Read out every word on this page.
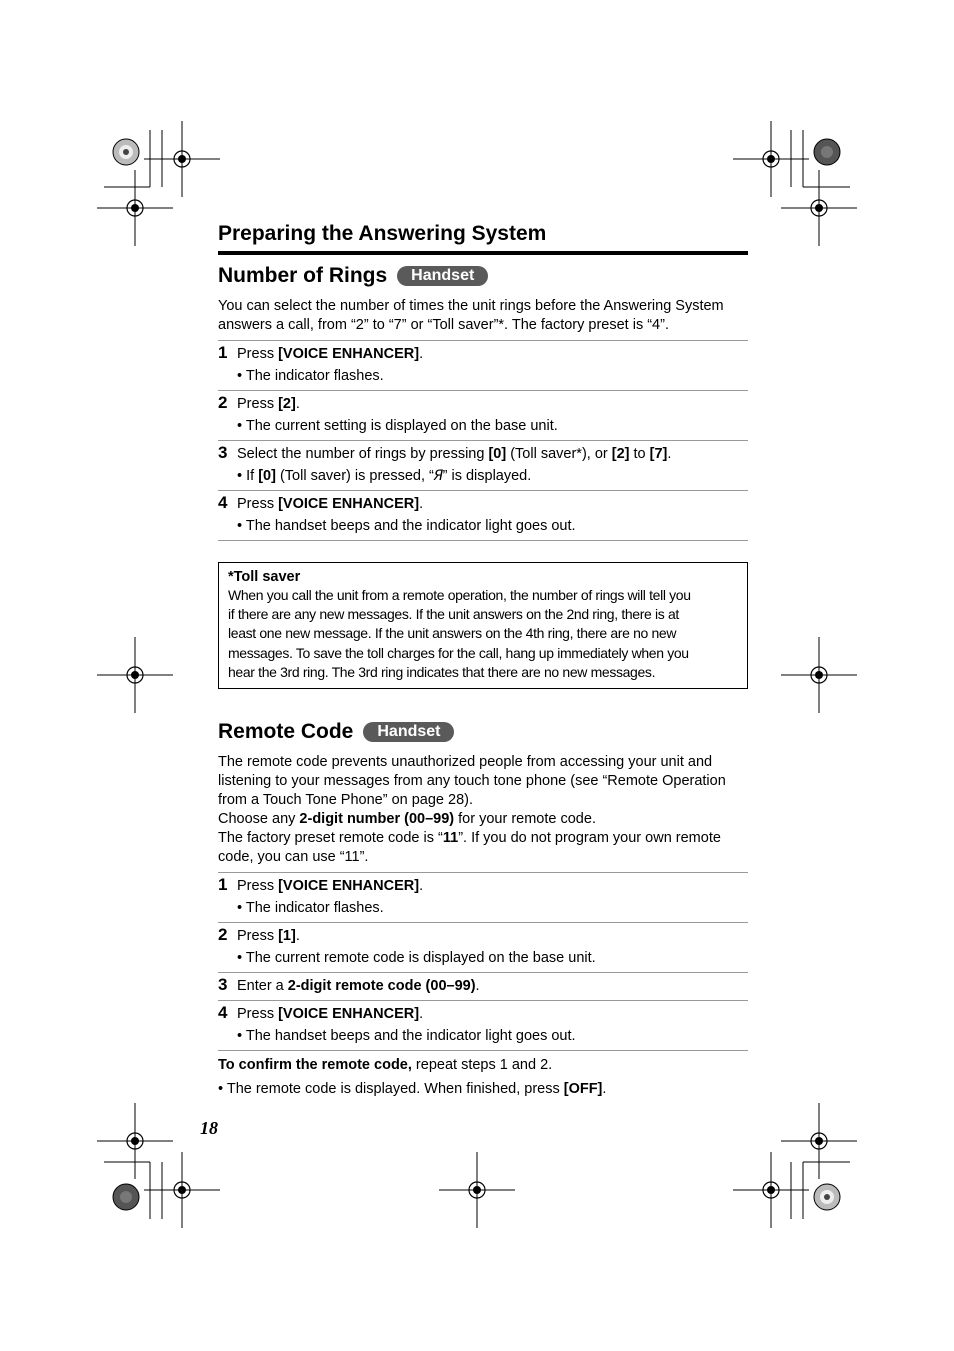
Preparing the Answering System
Number of Rings	Handset
You can select the number of times the unit rings before the Answering System answers a call, from “2” to “7” or “Toll saver”*. The factory preset is “4”.
1 Press [VOICE ENHANCER].
• The indicator flashes.
2 Press [2].
• The current setting is displayed on the base unit.
3 Select the number of rings by pressing [0] (Toll saver*), or [2] to [7].
• If [0] (Toll saver) is pressed, “Я” is displayed.
4 Press [VOICE ENHANCER].
• The handset beeps and the indicator light goes out.
*Toll saver
When you call the unit from a remote operation, the number of rings will tell you
if there are any new messages. If the unit answers on the 2nd ring, there is at
least one new message. If the unit answers on the 4th ring, there are no new
messages. To save the toll charges for the call, hang up immediately when you
hear the 3rd ring. The 3rd ring indicates that there are no new messages.
Remote Code	Handset
The remote code prevents unauthorized people from accessing your unit and listening to your messages from any touch tone phone (see “Remote Operation from a Touch Tone Phone” on page 28).
Choose any 2-digit number (00–99) for your remote code.
The factory preset remote code is “11”. If you do not program your own remote code, you can use “11”.
1 Press [VOICE ENHANCER].
• The indicator flashes.
2 Press [1].
• The current remote code is displayed on the base unit.
3 Enter a 2-digit remote code (00–99).
4 Press [VOICE ENHANCER].
• The handset beeps and the indicator light goes out.
To confirm the remote code, repeat steps 1 and 2.
• The remote code is displayed. When finished, press [OFF].
18
